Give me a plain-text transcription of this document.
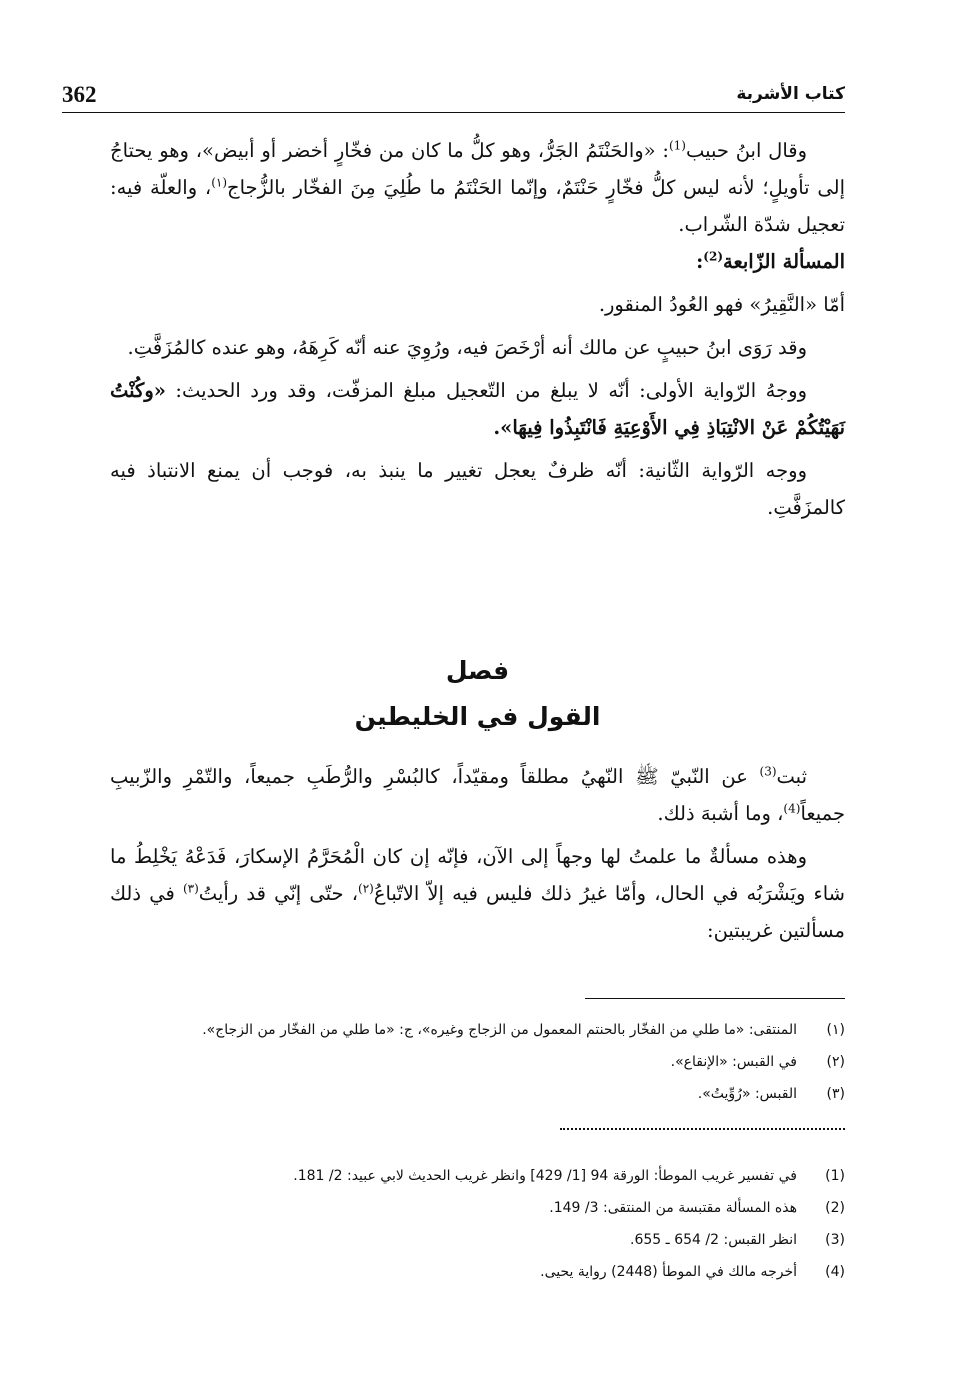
362	كتاب الأشربة

وقال ابنُ حبيب$^{(1)}$: «والحَنْتَمُ الجَرُّ، وهو كلُّ ما كان من فخّارٍ أخضر أو أبيض»، وهو يحتاجُ إلى تأويلٍ؛ لأنه ليس كلُّ فخّارٍ حَنْتَمٌ، وإنّما الحَنْتَمُ ما طُلِيَ مِنَ الفخّار بالزُّجاج$^{(١)}$، والعلّة فيه: تعجيل شدّة الشّراب.

المسألة الزّابعة$^{(2)}$:

أمّا «النَّقِيرُ» فهو العُودُ المنقور.

وقد رَوَى ابنُ حبيبٍ عن مالك أنه أرْخَصَ فيه، ورُوِيَ عنه أنّه كَرِهَهُ، وهو عنده كالمُزَفَّتِ.

ووجهُ الرّواية الأولى: أنّه لا يبلغ من التّعجيل مبلغ المزفّت، وقد ورد الحديث: «وكُنْتُ نَهَيْتُكُمْ عَنْ الانْتِبَاذِ فِي الأَوْعِيَةِ فَانْتَبِذُوا فِيهَا».

ووجه الرّواية الثّانية: أنّه ظرفٌ يعجل تغيير ما ينبذ به، فوجب أن يمنع الانتباذ فيه كالمزَفَّتِ.

فصل
القول في الخليطين

ثبت$^{(3)}$ عن النّبيّ ﷺ النّهيُ مطلقاً ومقيّداً، كالبُسْرِ والرُّطَبِ جميعاً، والتّمْرِ والزّبيبِ جميعاً$^{(4)}$، وما أشبهَ ذلك.

وهذه مسألةٌ ما علمتُ لها وجهاً إلى الآن، فإنّه إن كان الْمُحَرَّمُ الإسكارَ، فَدَعْهُ يَخْلِطُ ما شاء ويَشْرَبُه في الحال، وأمّا غيرُ ذلك فليس فيه إلاّ الاتّباعُ$^{(٢)}$، حتّى إنّي قد رأيتُ$^{(٣)}$ في ذلك مسألتين غريبتين:

(١)
المنتقى: «ما طلي من الفخّار بالحنتم المعمول من الزجاج وغيره»، ج: «ما طلي من الفخّار من الزجاج».
(٢)
في القبس: «الإنقاع».
(٣)
القبس: «رُوِّيتُ».
(1)
في تفسير غريب الموطأ: الورقة 94 [1/ 429] وانظر غريب الحديث لابي عبيد: 2/ 181.
(2)
هذه المسألة مقتبسة من المنتقى: 3/ 149.
(3)
انظر القبس: 2/ 654 ـ 655.
(4)
أخرجه مالك في الموطأ (2448) رواية يحيى.
